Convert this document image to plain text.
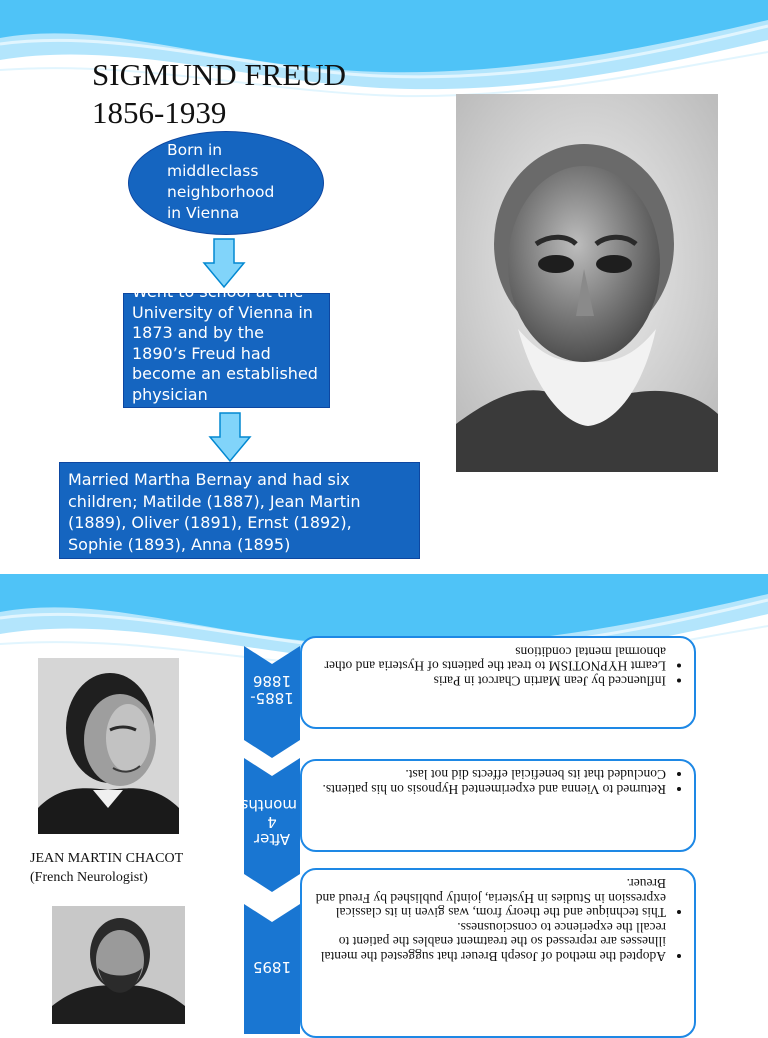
SIGMUND FREUD
1856-1939
Born in middleclass neighborhood in Vienna
Went to school at the University of Vienna in 1873 and by the 1890’s Freud had become an established physician
Married Martha Bernay and had six children; Matilde (1887), Jean Martin (1889), Oliver (1891), Ernst (1892), Sophie (1893), Anna (1895)
JEAN MARTIN CHACOT
(French Neurologist)
1885-1886
•	Influenced by Jean Martin Charcot in Paris
• Learnt HYPNOTISM to treat the patients of Hysteria and other abnormal mental conditions
After 4 months
• Returned to Vienna and experimented Hypnosis on his patients.
• Concluded that its beneficial effects did not last.
1895
• Adopted the method of Joseph Breuer that suggested the mental illnesses are repressed so the treatment enables the patient to recall the experience to consciousness.
• This technique and the theory from, was given in its classical expression in Studies in Hysteria, jointly published by Freud and Breuer.
